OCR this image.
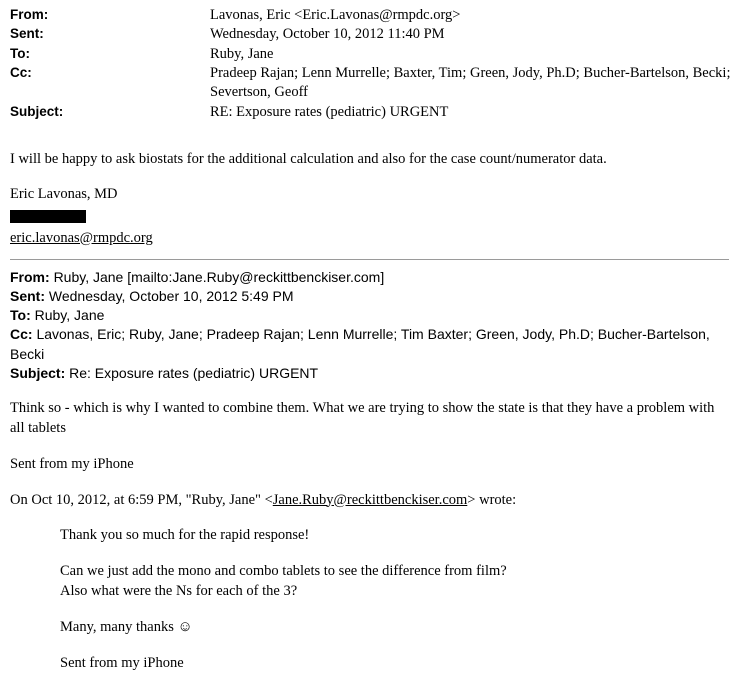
From:	Lavonas, Eric <Eric.Lavonas@rmpdc.org>
Sent:	Wednesday, October 10, 2012 11:40 PM
To:	Ruby, Jane
Cc:	Pradeep Rajan; Lenn Murrelle; Baxter, Tim; Green, Jody, Ph.D; Bucher-Bartelson, Becki; Severtson, Geoff
Subject:	RE: Exposure rates (pediatric) URGENT

I will be happy to ask biostats for the additional calculation and also for the case count/numerator data.

Eric Lavonas, MD

eric.lavonas@rmpdc.org

From: Ruby, Jane [mailto:Jane.Ruby@reckittbenckiser.com]

Sent: Wednesday, October 10, 2012 5:49 PM

To: Ruby, Jane

Cc: Lavonas, Eric; Ruby, Jane; Pradeep Rajan; Lenn Murrelle; Tim Baxter; Green, Jody, Ph.D; Bucher-Bartelson, Becki

Subject: Re: Exposure rates (pediatric) URGENT

Think so - which is why I wanted to combine them. What we are trying to show the state is that they have a problem with all tablets

Sent from my iPhone

On Oct 10, 2012, at 6:59 PM, "Ruby, Jane" <Jane.Ruby@reckittbenckiser.com> wrote:

Thank you so much for the rapid response!

Can we just add the mono and combo tablets to see the difference from film?

Also what were the Ns for each of the 3?

Many, many thanks ☺

Sent from my iPhone
